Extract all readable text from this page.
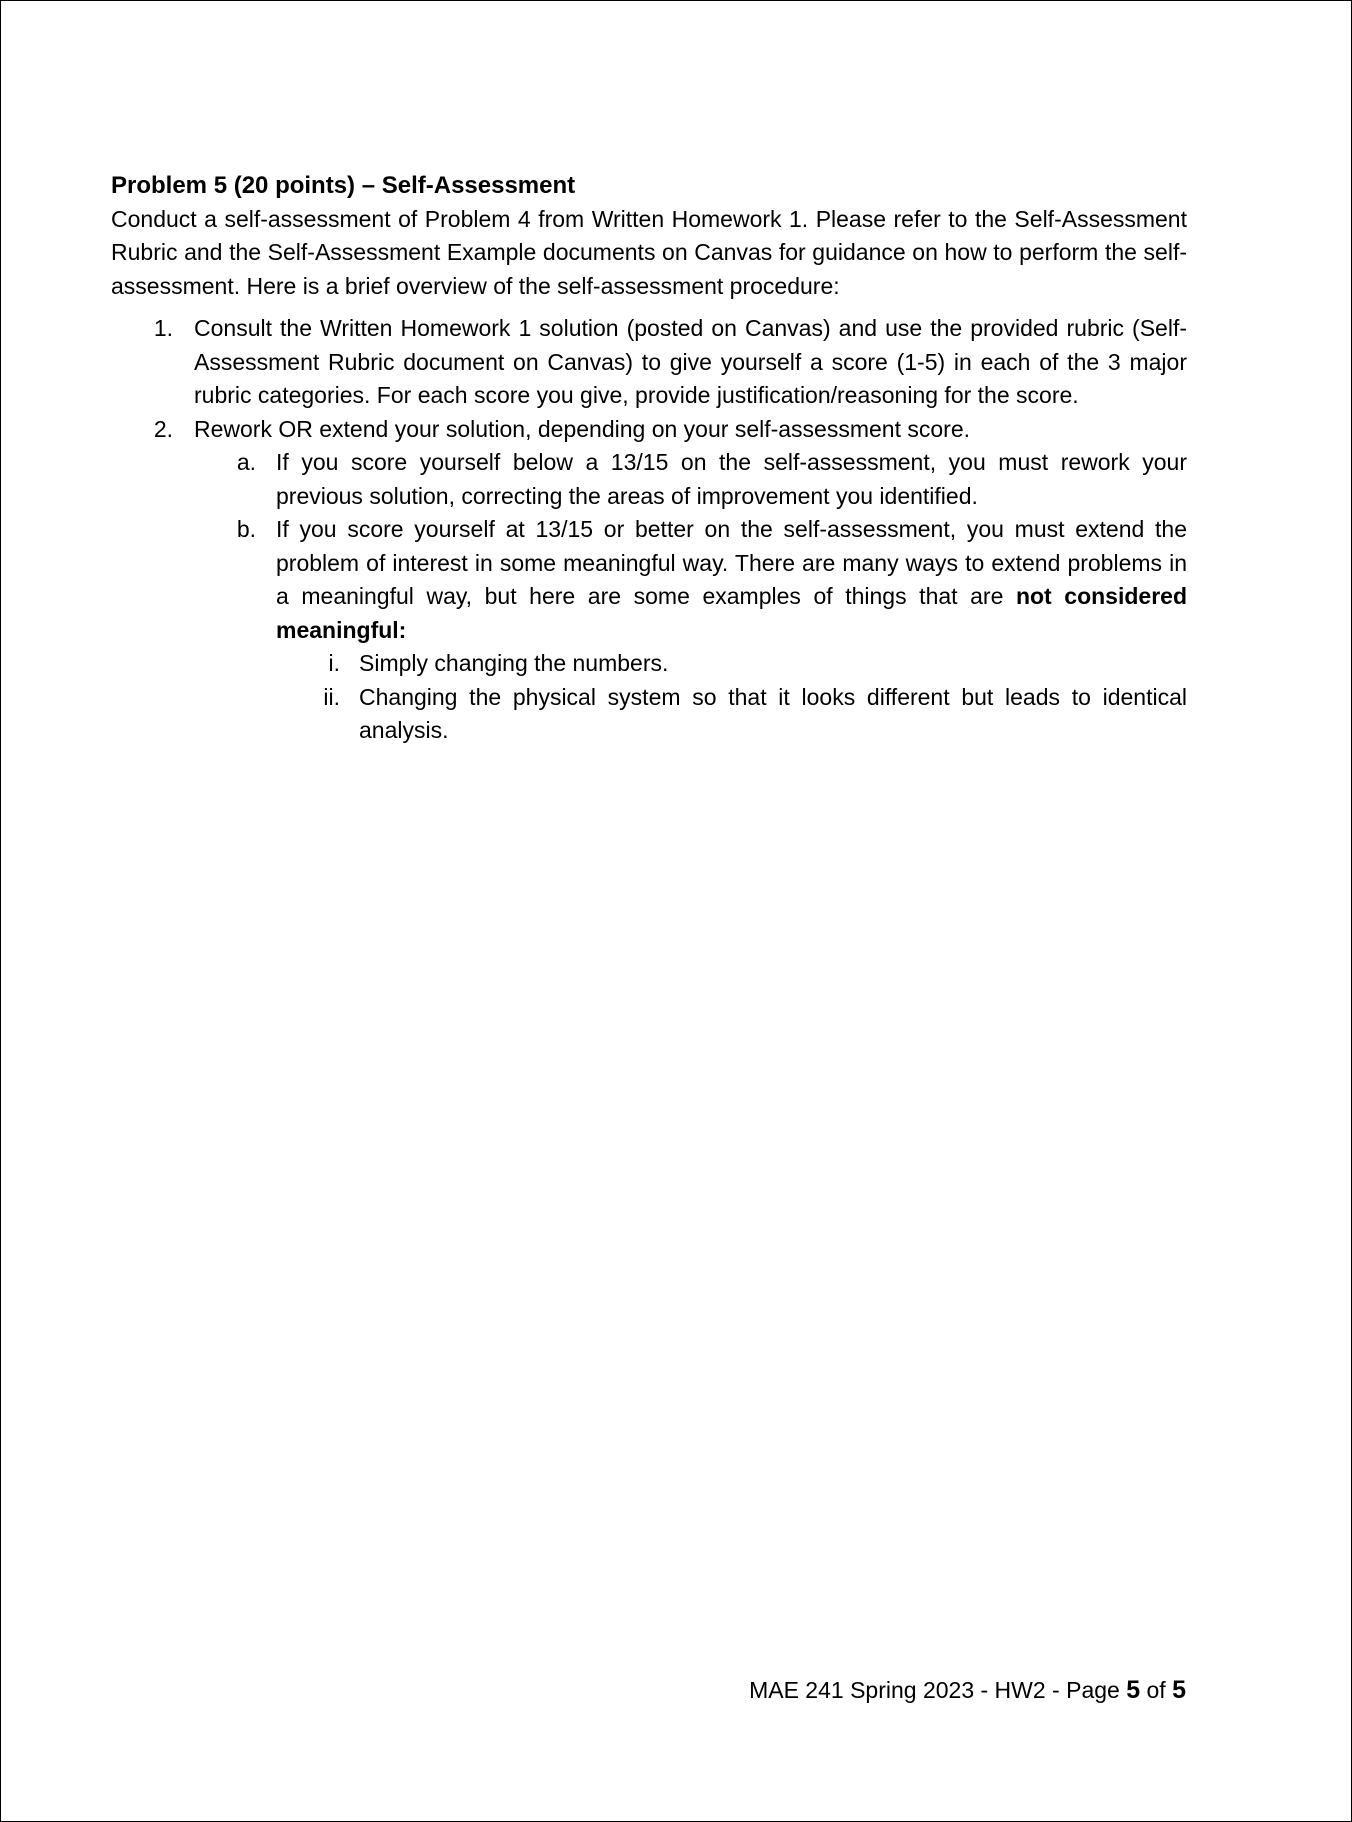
Problem 5 (20 points) – Self-Assessment

Conduct a self-assessment of Problem 4 from Written Homework 1. Please refer to the Self-Assessment Rubric and the Self-Assessment Example documents on Canvas for guidance on how to perform the self-assessment. Here is a brief overview of the self-assessment procedure:

1. Consult the Written Homework 1 solution (posted on Canvas) and use the provided rubric (Self-Assessment Rubric document on Canvas) to give yourself a score (1-5) in each of the 3 major rubric categories. For each score you give, provide justification/reasoning for the score.
2. Rework OR extend your solution, depending on your self-assessment score.
a. If you score yourself below a 13/15 on the self-assessment, you must rework your previous solution, correcting the areas of improvement you identified.
b. If you score yourself at 13/15 or better on the self-assessment, you must extend the problem of interest in some meaningful way. There are many ways to extend problems in a meaningful way, but here are some examples of things that are not considered meaningful:
i. Simply changing the numbers.
ii. Changing the physical system so that it looks different but leads to identical analysis.
MAE 241 Spring 2023 - HW2 - Page 5 of 5
